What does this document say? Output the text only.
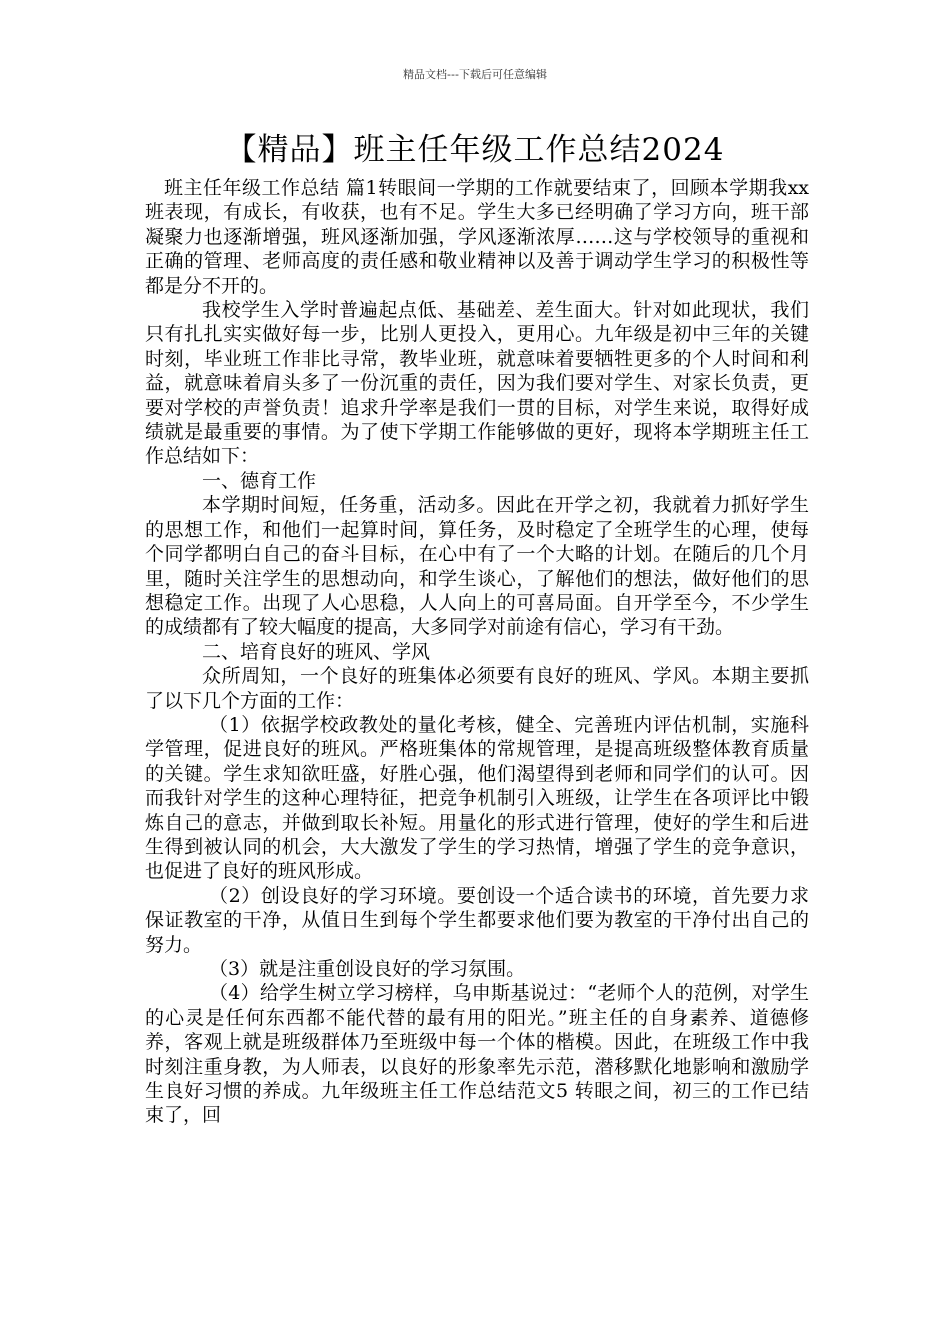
精品文档---下载后可任意编辑
【精品】班主任年级工作总结2024

班主任年级工作总结 篇1转眼间一学期的工作就要结束了，回顾本学期我xx班表现，有成长，有收获，也有不足。学生大多已经明确了学习方向，班干部凝聚力也逐渐增强，班风逐渐加强，学风逐渐浓厚……这与学校领导的重视和正确的管理、老师高度的责任感和敬业精神以及善于调动学生学习的积极性等都是分不开的。

我校学生入学时普遍起点低、基础差、差生面大。针对如此现状，我们只有扎扎实实做好每一步，比别人更投入，更用心。九年级是初中三年的关键时刻，毕业班工作非比寻常，教毕业班，就意味着要牺牲更多的个人时间和利益，就意味着肩头多了一份沉重的责任，因为我们要对学生、对家长负责，更要对学校的声誉负责！追求升学率是我们一贯的目标，对学生来说，取得好成绩就是最重要的事情。为了使下学期工作能够做的更好，现将本学期班主任工作总结如下：

一、德育工作

本学期时间短，任务重，活动多。因此在开学之初，我就着力抓好学生的思想工作，和他们一起算时间，算任务，及时稳定了全班学生的心理，使每个同学都明白自己的奋斗目标，在心中有了一个大略的计划。在随后的几个月里，随时关注学生的思想动向，和学生谈心，了解他们的想法，做好他们的思想稳定工作。出现了人心思稳，人人向上的可喜局面。自开学至今，不少学生的成绩都有了较大幅度的提高，大多同学对前途有信心，学习有干劲。

二、培育良好的班风、学风

众所周知，一个良好的班集体必须要有良好的班风、学风。本期主要抓了以下几个方面的工作：

（1）依据学校政教处的量化考核，健全、完善班内评估机制，实施科学管理，促进良好的班风。严格班集体的常规管理，是提高班级整体教育质量的关键。学生求知欲旺盛，好胜心强，他们渴望得到老师和同学们的认可。因而我针对学生的这种心理特征，把竞争机制引入班级，让学生在各项评比中锻炼自己的意志，并做到取长补短。用量化的形式进行管理，使好的学生和后进生得到被认同的机会，大大激发了学生的学习热情，增强了学生的竞争意识，也促进了良好的班风形成。

（2）创设良好的学习环境。要创设一个适合读书的环境，首先要力求保证教室的干净，从值日生到每个学生都要求他们要为教室的干净付出自己的努力。

（3）就是注重创设良好的学习氛围。

（4）给学生树立学习榜样，乌申斯基说过：“老师个人的范例，对学生的心灵是任何东西都不能代替的最有用的阳光。”班主任的自身素养、道德修养，客观上就是班级群体乃至班级中每一个体的楷模。因此，在班级工作中我时刻注重身教，为人师表，以良好的形象率先示范，潜移默化地影响和激励学生良好习惯的养成。九年级班主任工作总结范文5 转眼之间，初三的工作已结束了，回
